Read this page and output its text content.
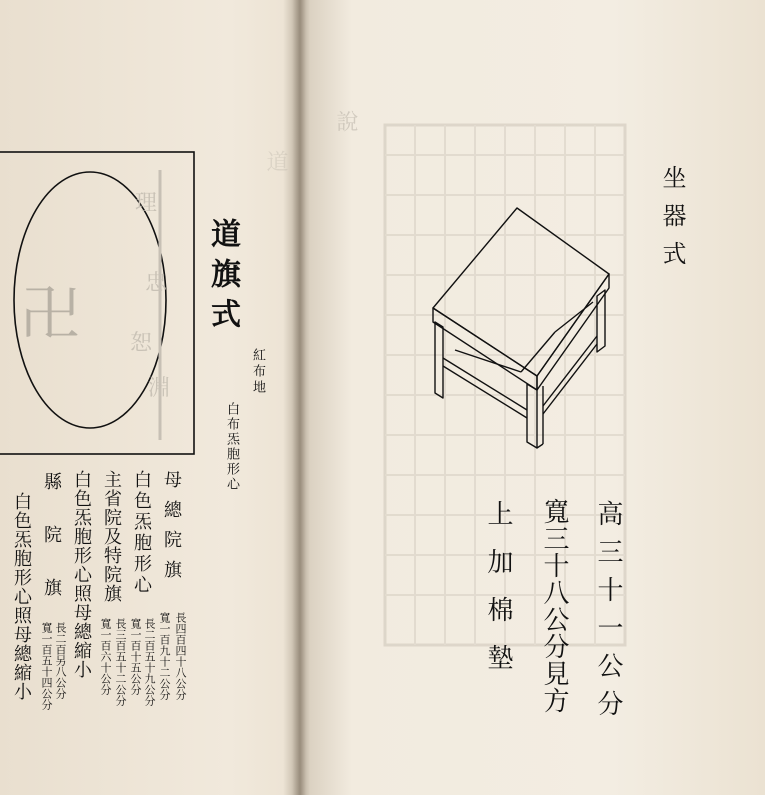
卍
理
忠
恕
淵
道旗式
紅布地
白布炁胞形心
母總院旗
長四百四十八公分
寬一百九十二公分
白色炁胞形心
長二百五十九公分
寬一百十五公分
主省院及特院旗
長三百五十二公分
寬一百六十公分
白色炁胞形心照母總縮小
縣院旗
長二百另八公分
寬一百五十四公分
白色炁胞形心照母總縮小
道
坐器式
高三十一公分
寬三十八公分見方
上加棉墊
說
